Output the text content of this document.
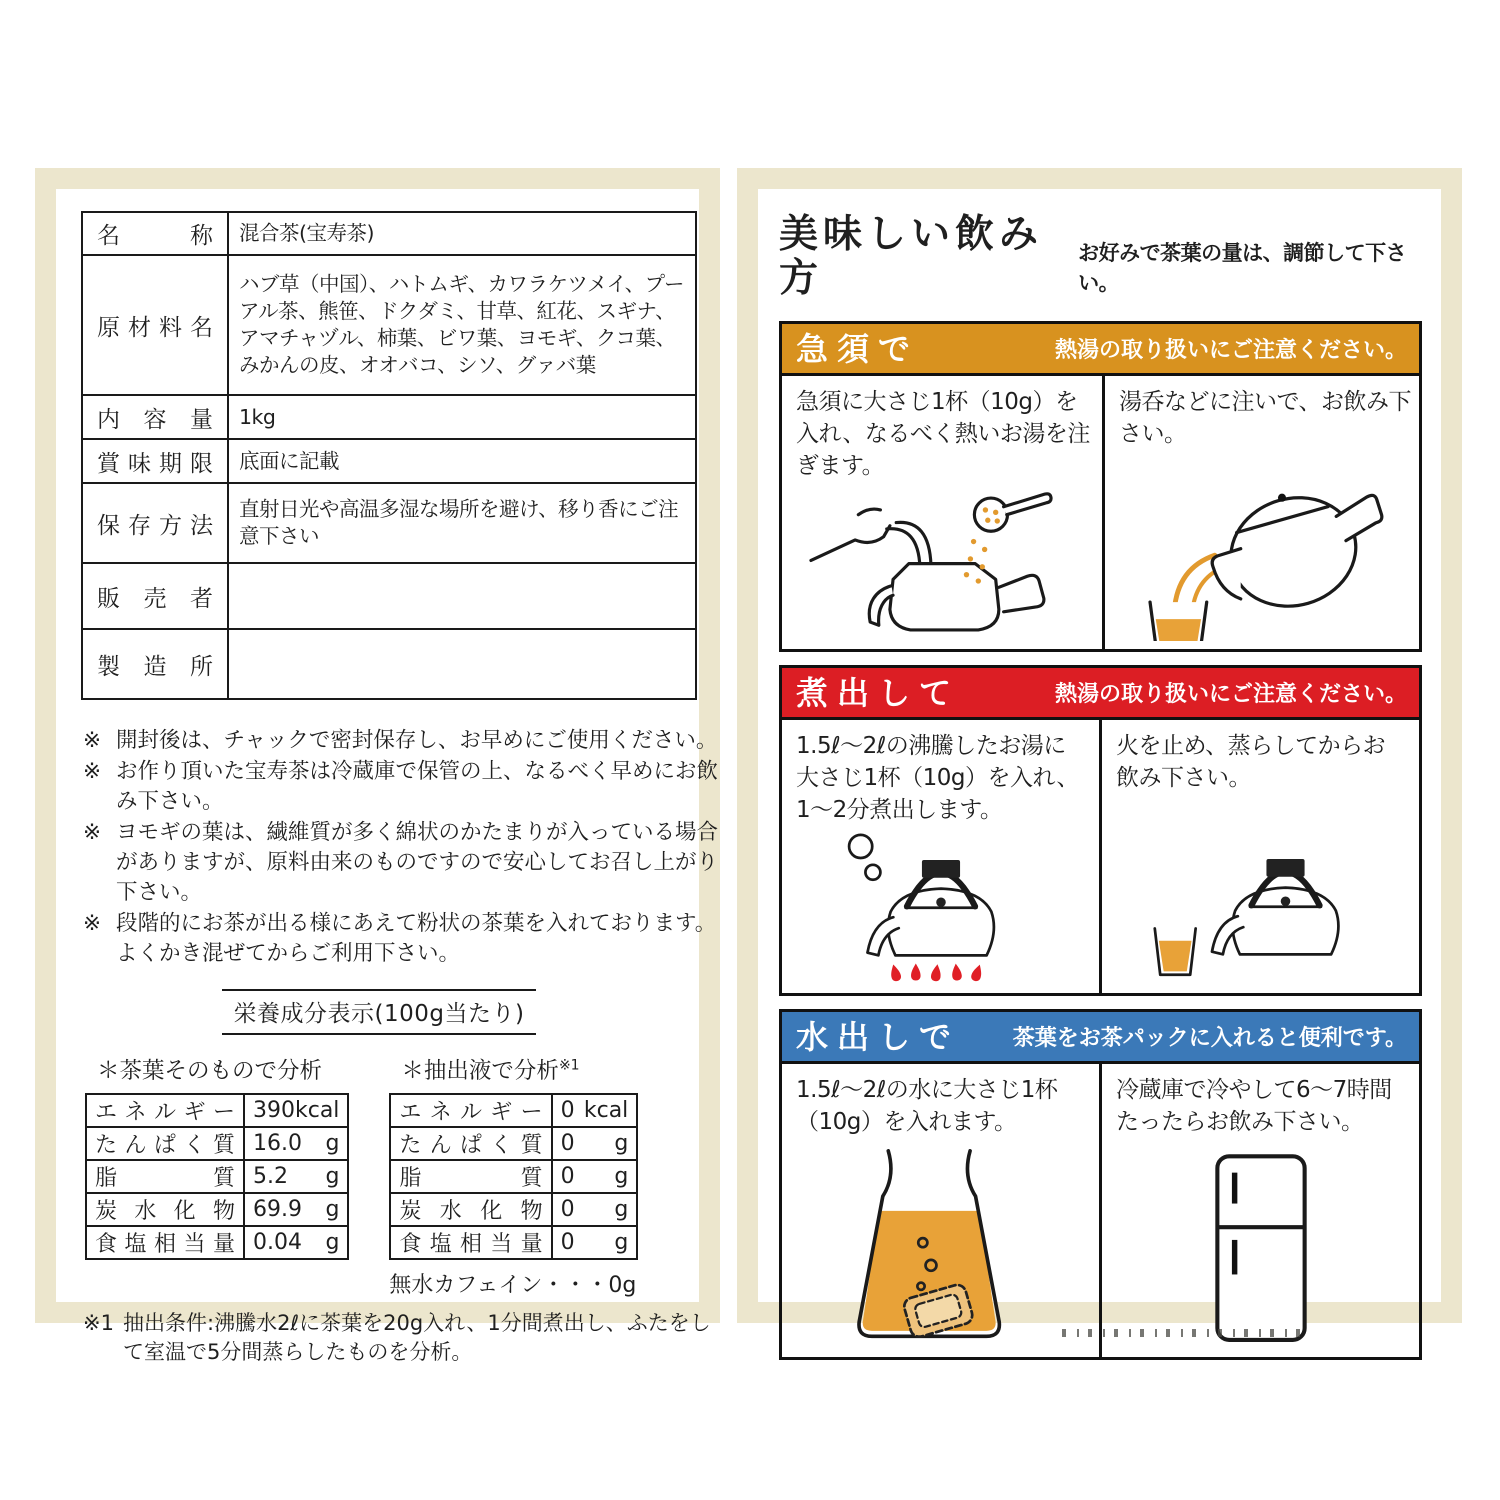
名称	混合茶(宝寿茶)
原材料名	ハブ草（中国）、ハトムギ、カワラケツメイ、プーアル茶、熊笹、ドクダミ、甘草、紅花、スギナ、アマチャヅル、柿葉、ビワ葉、ヨモギ、クコ葉、みかんの皮、オオバコ、シソ、グァバ葉
内容量	1kg
賞味期限	底面に記載
保存方法	直射日光や高温多湿な場所を避け、移り香にご注意下さい
販売者	
製造所	
※ 開封後は、チャックで密封保存し、お早めにご使用ください。
※ お作り頂いた宝寿茶は冷蔵庫で保管の上、なるべく早めにお飲み下さい。
※ ヨモギの葉は、繊維質が多く綿状のかたまりが入っている場合がありますが、原料由来のものですので安心してお召し上がり下さい。
※ 段階的にお茶が出る様にあえて粉状の茶葉を入れております。よくかき混ぜてからご利用下さい。
栄養成分表示(100g当たり)
＊茶葉そのもので分析
エネルギー	390kcal

たんぱく質	16.0 g

脂質	5.2 g

炭水化物	69.9 g

食塩相当量	0.04 g
＊抽出液で分析$^{※1}$
エネルギー	0 kcal

たんぱく質	0 g

脂質	0 g

炭水化物	0 g

食塩相当量	0 g
無水カフェイン・・・0g
※1 抽出条件:沸騰水2ℓに茶葉を20g入れ、1分間煮出し、ふたをして室温で5分間蒸らしたものを分析。
美味しい飲み方
お好みで茶葉の量は、調節して下さい。
急須で	熱湯の取り扱いにご注意ください。
急須に大さじ1杯（10g）を入れ、なるべく熱いお湯を注ぎます。
湯呑などに注いで、お飲み下さい。
煮出して	熱湯の取り扱いにご注意ください。
1.5ℓ～2ℓの沸騰したお湯に大さじ1杯（10g）を入れ、1～2分煮出します。
火を止め、蒸らしてからお飲み下さい。
水出しで 茶葉をお茶パックに入れると便利です。
1.5ℓ～2ℓの水に大さじ1杯（10g）を入れます。
冷蔵庫で冷やして6～7時間たったらお飲み下さい。
